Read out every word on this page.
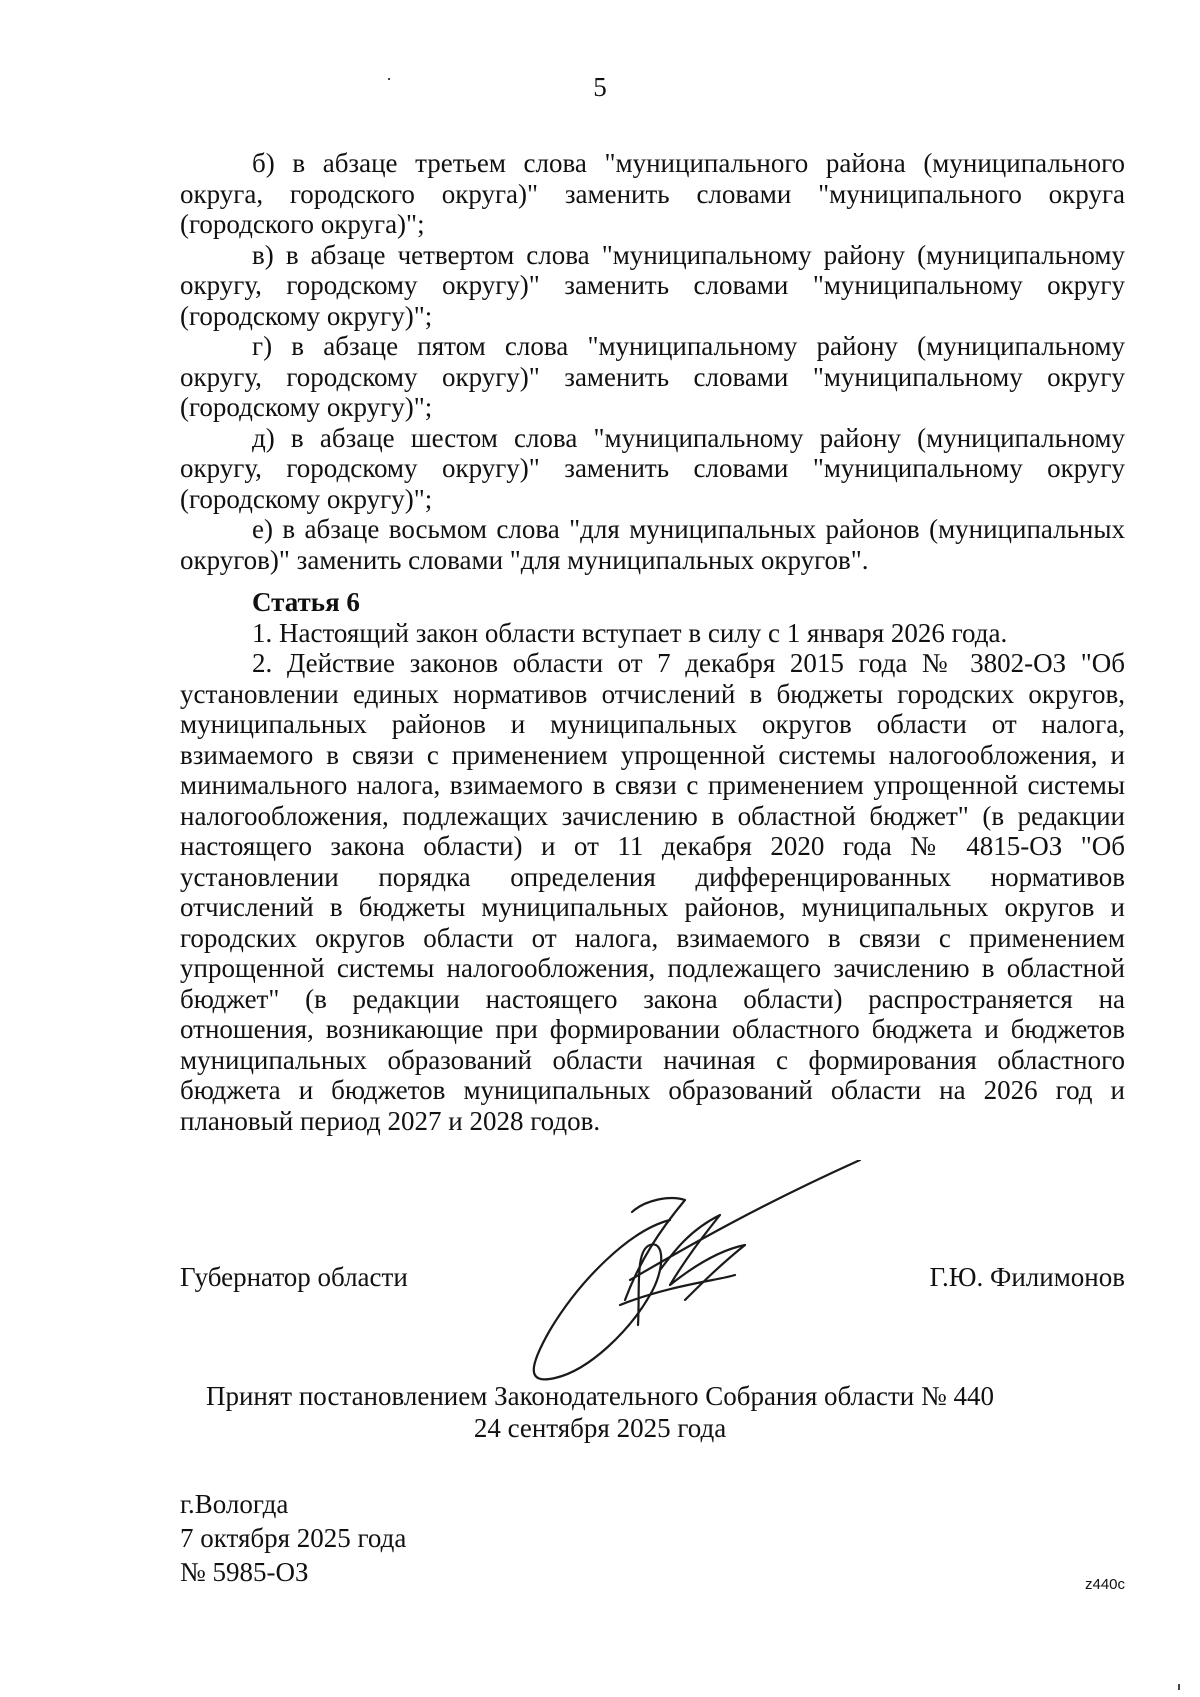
5

б) в абзаце третьем слова "муниципального района (муниципального округа, городского округа)" заменить словами "муниципального округа (городского округа)";

в) в абзаце четвертом слова "муниципальному району (муниципальному округу, городскому округу)" заменить словами "муниципальному округу (городскому округу)";

г) в абзаце пятом слова "муниципальному району (муниципальному округу, городскому округу)" заменить словами "муниципальному округу (городскому округу)";

д) в абзаце шестом слова "муниципальному району (муниципальному округу, городскому округу)" заменить словами "муниципальному округу (городскому округу)";

е) в абзаце восьмом слова "для муниципальных районов (муниципальных округов)" заменить словами "для муниципальных округов".

Статья 6

1. Настоящий закон области вступает в силу с 1 января 2026 года.

2. Действие законов области от 7 декабря 2015 года № 3802-ОЗ "Об установлении единых нормативов отчислений в бюджеты городских округов, муниципальных районов и муниципальных округов области от налога, взимаемого в связи с применением упрощенной системы налогообложения, и минимального налога, взимаемого в связи с применением упрощенной системы налогообложения, подлежащих зачислению в областной бюджет" (в редакции настоящего закона области) и от 11 декабря 2020 года № 4815-ОЗ "Об установлении порядка определения дифференцированных нормативов отчислений в бюджеты муниципальных районов, муниципальных округов и городских округов области от налога, взимаемого в связи с применением упрощенной системы налогообложения, подлежащего зачислению в областной бюджет" (в редакции настоящего закона области) распространяется на отношения, возникающие при формировании областного бюджета и бюджетов муниципальных образований области начиная с формирования областного бюджета и бюджетов муниципальных образований области на 2026 год и плановый период 2027 и 2028 годов.

Губернатор области	Г.Ю. Филимонов
Принят постановлением Законодательного Собрания области № 440
24 сентября 2025 года
г.Вологда
7 октября 2025 года
№ 5985-ОЗ	z440c
